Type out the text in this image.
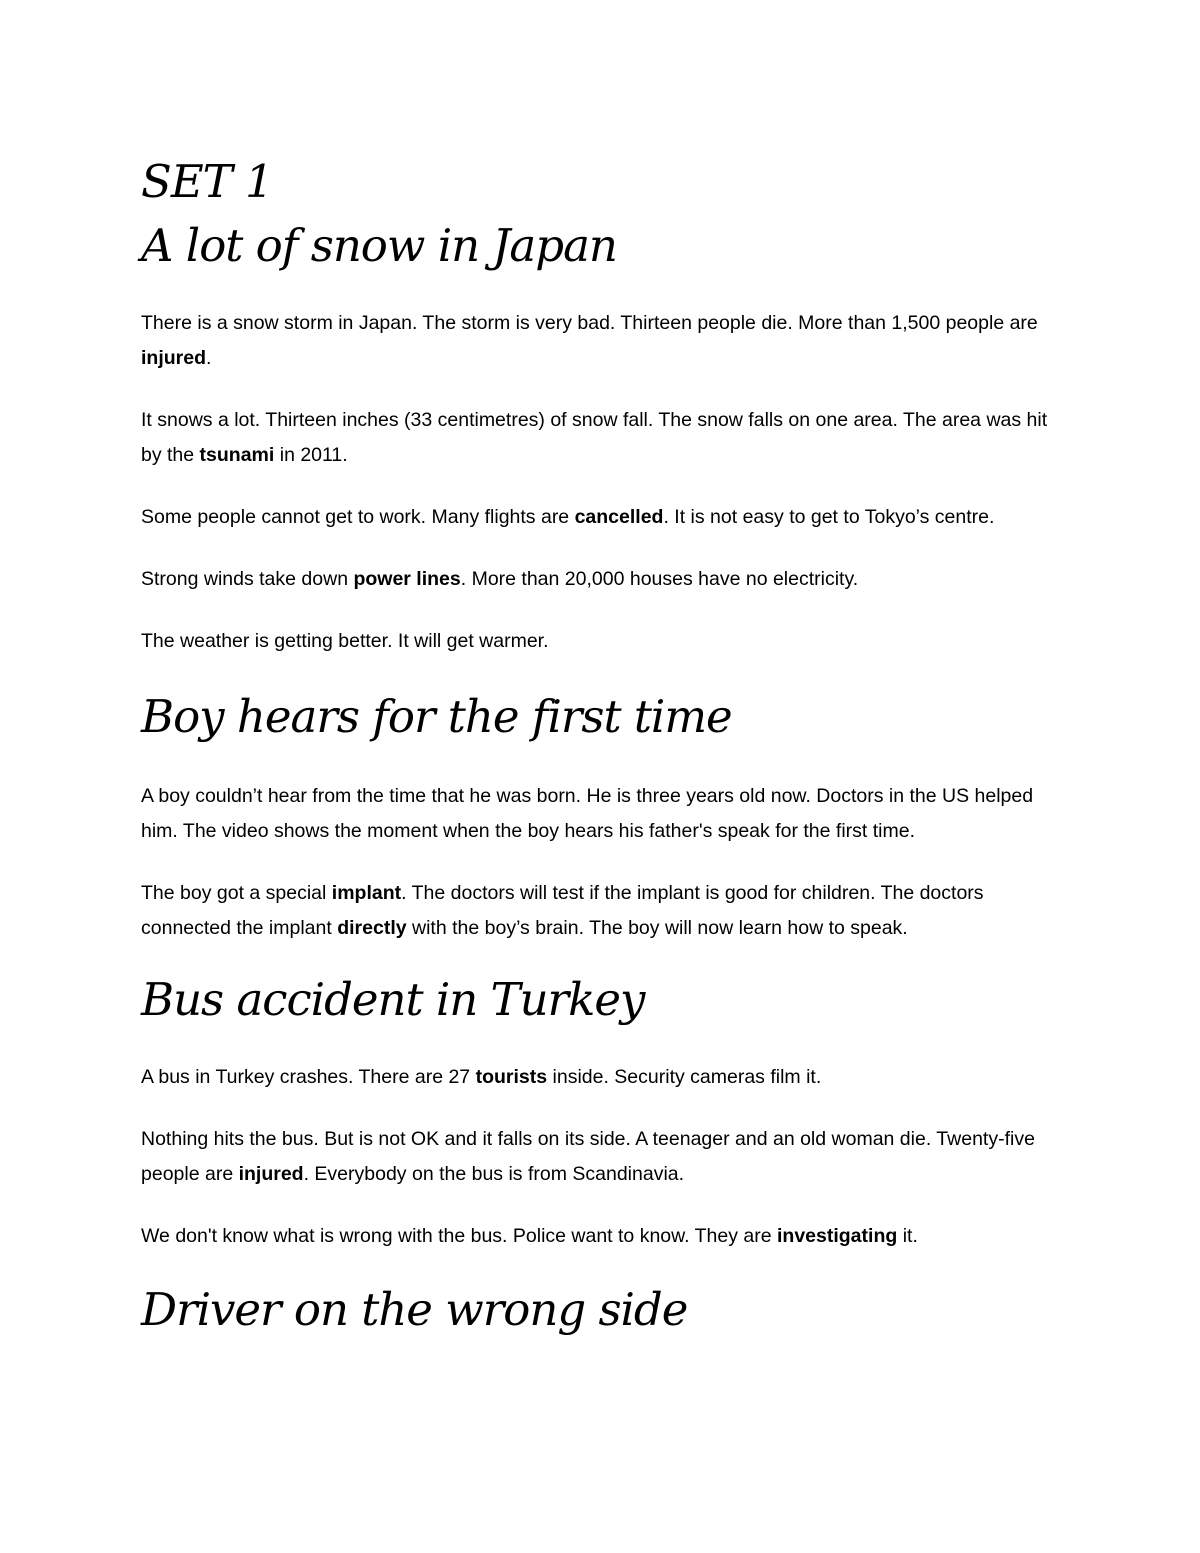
SET 1
A lot of snow in Japan

There is a snow storm in Japan. The storm is very bad. Thirteen people die. More than 1,500 people are injured.

It snows a lot. Thirteen inches (33 centimetres) of snow fall. The snow falls on one area. The area was hit by the tsunami in 2011.

Some people cannot get to work. Many flights are cancelled. It is not easy to get to Tokyo’s centre.

Strong winds take down power lines. More than 20,000 houses have no electricity.

The weather is getting better. It will get warmer.

Boy hears for the first time

A boy couldn’t hear from the time that he was born. He is three years old now. Doctors in the US helped him. The video shows the moment when the boy hears his father's speak for the first time.

The boy got a special implant. The doctors will test if the implant is good for children. The doctors connected the implant directly with the boy’s brain. The boy will now learn how to speak.

Bus accident in Turkey

A bus in Turkey crashes. There are 27 tourists inside. Security cameras film it.

Nothing hits the bus. But is not OK and it falls on its side. A teenager and an old woman die. Twenty-five people are injured. Everybody on the bus is from Scandinavia.

We don't know what is wrong with the bus. Police want to know. They are investigating it.

Driver on the wrong side
